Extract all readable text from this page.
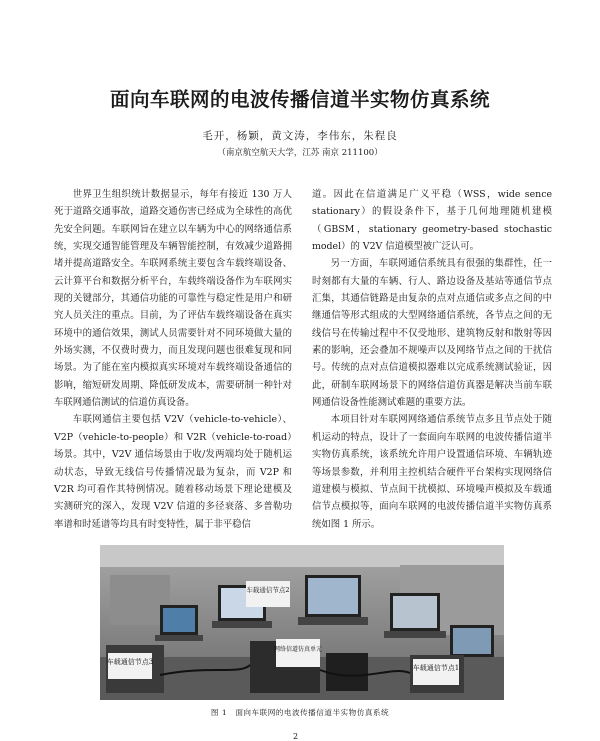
面向车联网的电波传播信道半实物仿真系统
毛开，杨颖，黄文涛，李伟东，朱程良
（南京航空航天大学，江苏 南京 211100）

世界卫生组织统计数据显示，每年有接近 130 万人死于道路交通事故，道路交通伤害已经成为全球性的高优先安全问题。车联网旨在建立以车辆为中心的网络通信系统，实现交通智能管理及车辆智能控制，有效减少道路拥堵并提高道路安全。车联网系统主要包含车载终端设备、云计算平台和数据分析平台，车载终端设备作为车联网实现的关键部分，其通信功能的可靠性与稳定性是用户和研究人员关注的重点。目前，为了评估车载终端设备在真实环境中的通信效果，测试人员需要针对不同环境做大量的外场实测，不仅费时费力，而且发现问题也很难复现和同场景。为了能在室内模拟真实环境对车载终端设备通信的影响，缩短研发周期、降低研发成本，需要研制一种针对车联网通信测试的信道仿真设备。

车联网通信主要包括 V2V（vehicle-to-vehicle）、V2P（vehicle-to-people）和 V2R（vehicle-to-road）场景。其中，V2V 通信场景由于收/发两端均处于随机运动状态，导致无线信号传播情况最为复杂，而 V2P 和 V2R 均可看作其特例情况。随着移动场景下理论建模及实测研究的深入，发现 V2V 信道的多径衰落、多普勒功率谱和时延谱等均具有时变特性，属于非平稳信

道。因此在信道满足广义平稳（WSS，wide sence stationary）的假设条件下，基于几何地理随机建模（GBSM，stationary geometry-based stochastic model）的 V2V 信道模型被广泛认可。

另一方面，车联网通信系统具有很强的集群性，任一时刻都有大量的车辆、行人、路边设备及基站等通信节点汇集，其通信链路是由复杂的点对点通信或多点之间的中继通信等形式组成的大型网络通信系统，各节点之间的无线信号在传输过程中不仅受地形、建筑物反射和散射等因素的影响，还会叠加不规噪声以及网络节点之间的干扰信号。传统的点对点信道模拟器难以完成系统测试验证，因此，研制车联网场景下的网络信道仿真器是解决当前车联网通信设备性能测试难题的重要方法。

本项目针对车联网网络通信系统节点多且节点处于随机运动的特点，设计了一套面向车联网的电波传播信道半实物仿真系统，该系统允许用户设置通信环境、车辆轨迹等场景参数，并利用主控机结合硬件平台架构实现网络信道建模与模拟、节点间干扰模拟、环境噪声模拟及车载通信节点模拟等，面向车联网的电波传播信道半实物仿真系统如图 1 所示。

车载通信节点3
车载通信节点2
网络信道仿真单元
车载通信节点1
图 1　面向车联网的电波传播信道半实物仿真系统
2
